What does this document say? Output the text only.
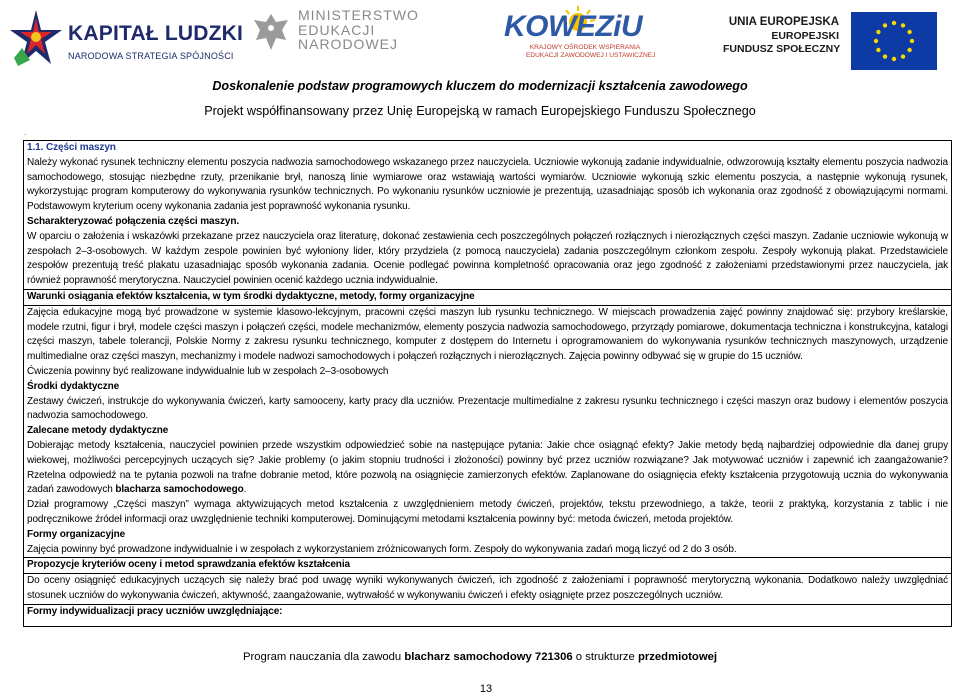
KAPITAŁ LUDZKI
NARODOWA STRATEGIA SPÓJNOŚCI
MINISTERSTWO
EDUKACJI
NARODOWEJ
KOWEZiU
KRAJOWY OŚRODEK WSPIERANIA
EDUKACJI ZAWODOWEJ I USTAWICZNEJ
UNIA EUROPEJSKA
EUROPEJSKI
FUNDUSZ SPOŁECZNY
Doskonalenie podstaw programowych kluczem do modernizacji kształcenia zawodowego
Projekt współfinansowany przez Unię Europejską w ramach Europejskiego Funduszu Społecznego
.
1.1. Części maszyn
Należy wykonać rysunek techniczny elementu poszycia nadwozia samochodowego wskazanego przez nauczyciela. Uczniowie wykonują zadanie indywidualnie, odwzorowują kształty elementu poszycia nadwozia samochodowego, stosując niezbędne rzuty, przenikanie brył, nanoszą linie wymiarowe oraz wstawiają wartości wymiarów. Uczniowie wykonują szkic elementu poszycia, a następnie wykonują rysunek, wykorzystując program komputerowy do wykonywania rysunków technicznych. Po wykonaniu rysunków uczniowie je prezentują, uzasadniając sposób ich wykonania oraz zgodność z obowiązującymi normami. Podstawowym kryterium oceny wykonania zadania jest poprawność wykonania rysunku.
Scharakteryzować połączenia części maszyn.
W oparciu o założenia i wskazówki przekazane przez nauczyciela oraz literaturę, dokonać zestawienia cech poszczególnych połączeń rozłącznych i nierozłącznych części maszyn. Zadanie uczniowie wykonują w zespołach 2–3-osobowych. W każdym zespole powinien być wyłoniony lider, który przydziela (z pomocą nauczyciela) zadania poszczególnym członkom zespołu. Zespoły wykonują plakat. Przedstawiciele zespołów prezentują treść plakatu uzasadniając sposób wykonania zadania. Ocenie podlegać powinna kompletność opracowania oraz jego zgodność z założeniami przedstawionymi przez nauczyciela, jak również poprawność merytoryczna. Nauczyciel powinien ocenić każdego ucznia indywidualnie.
Warunki osiągania efektów kształcenia, w tym środki dydaktyczne, metody, formy organizacyjne
Zajęcia edukacyjne mogą być prowadzone w systemie klasowo-lekcyjnym, pracowni części maszyn lub rysunku technicznego. W miejscach prowadzenia zajęć powinny znajdować się: przybory kreślarskie, modele rzutni, figur i brył, modele części maszyn i połączeń części, modele mechanizmów, elementy poszycia nadwozia samochodowego, przyrządy pomiarowe, dokumentacja techniczna i konstrukcyjna, katalogi części maszyn, tabele tolerancji, Polskie Normy z zakresu rysunku technicznego, komputer z dostępem do Internetu i oprogramowaniem do wykonywania rysunków technicznych maszynowych, urządzenie multimedialne oraz części maszyn, mechanizmy i modele nadwozi samochodowych i połączeń rozłącznych i nierozłącznych. Zajęcia powinny odbywać się w grupie do 15 uczniów.
Ćwiczenia powinny być realizowane indywidualnie lub w zespołach 2–3-osobowych
Środki dydaktyczne
Zestawy ćwiczeń, instrukcje do wykonywania ćwiczeń, karty samooceny, karty pracy dla uczniów. Prezentacje multimedialne z zakresu rysunku technicznego i części maszyn oraz budowy i elementów poszycia nadwozia samochodowego.
Zalecane metody dydaktyczne
Dobierając metody kształcenia, nauczyciel powinien przede wszystkim odpowiedzieć sobie na następujące pytania: Jakie chce osiągnąć efekty? Jakie metody będą najbardziej odpowiednie dla danej grupy wiekowej, możliwości percepcyjnych uczących się? Jakie problemy (o jakim stopniu trudności i złożoności) powinny być przez uczniów rozwiązane? Jak motywować uczniów i zapewnić ich zaangażowanie? Rzetelna odpowiedź na te pytania pozwoli na trafne dobranie metod, które pozwolą na osiągnięcie zamierzonych efektów. Zaplanowane do osiągnięcia efekty kształcenia przygotowują ucznia do wykonywania zadań zawodowych blacharza samochodowego.
Dział programowy „Części maszyn” wymaga aktywizujących metod kształcenia z uwzględnieniem metody ćwiczeń, projektów, tekstu przewodniego, a także, teorii z praktyką, korzystania z tablic i nie podręcznikowe źródeł informacji oraz uwzględnienie techniki komputerowej. Dominującymi metodami kształcenia powinny być: metoda ćwiczeń, metoda projektów.
Formy organizacyjne
Zajęcia powinny być prowadzone indywidualnie i w zespołach z wykorzystaniem zróżnicowanych form. Zespoły do wykonywania zadań mogą liczyć od 2 do 3 osób.
Propozycje kryteriów oceny i metod sprawdzania efektów kształcenia
Do oceny osiągnięć edukacyjnych uczących się należy brać pod uwagę wyniki wykonywanych ćwiczeń, ich zgodność z założeniami i poprawność merytoryczną wykonania. Dodatkowo należy uwzględniać stosunek uczniów do wykonywania ćwiczeń, aktywność, zaangażowanie, wytrwałość w wykonywaniu ćwiczeń i efekty osiągnięte przez poszczególnych uczniów.
Formy indywidualizacji pracy uczniów uwzględniające:
Program nauczania dla zawodu blacharz samochodowy 721306 o strukturze przedmiotowej
13
